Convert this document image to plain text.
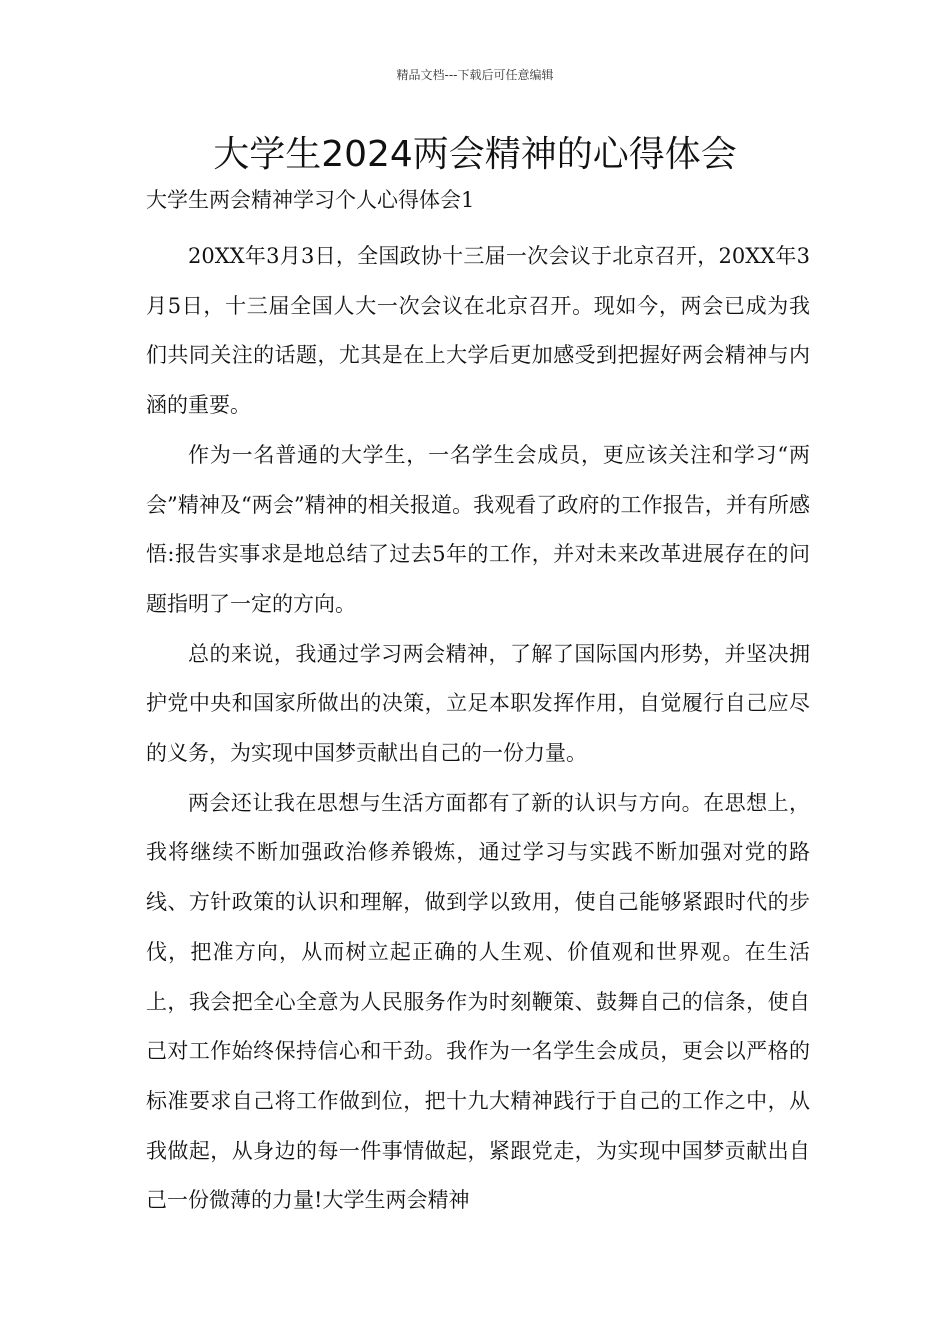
精品文档---下载后可任意编辑
大学生2024两会精神的心得体会
大学生两会精神学习个人心得体会1

20XX年3月3日，全国政协十三届一次会议于北京召开，20XX年3月5日，十三届全国人大一次会议在北京召开。现如今，两会已成为我们共同关注的话题，尤其是在上大学后更加感受到把握好两会精神与内涵的重要。

作为一名普通的大学生，一名学生会成员，更应该关注和学习“两会”精神及“两会”精神的相关报道。我观看了政府的工作报告，并有所感悟:报告实事求是地总结了过去5年的工作，并对未来改革进展存在的问题指明了一定的方向。

总的来说，我通过学习两会精神，了解了国际国内形势，并坚决拥护党中央和国家所做出的决策，立足本职发挥作用，自觉履行自己应尽的义务，为实现中国梦贡献出自己的一份力量。

两会还让我在思想与生活方面都有了新的认识与方向。在思想上，我将继续不断加强政治修养锻炼，通过学习与实践不断加强对党的路线、方针政策的认识和理解，做到学以致用，使自己能够紧跟时代的步伐，把准方向，从而树立起正确的人生观、价值观和世界观。在生活上，我会把全心全意为人民服务作为时刻鞭策、鼓舞自己的信条，使自己对工作始终保持信心和干劲。我作为一名学生会成员，更会以严格的标准要求自己将工作做到位，把十九大精神践行于自己的工作之中，从我做起，从身边的每一件事情做起，紧跟党走，为实现中国梦贡献出自己一份微薄的力量!大学生两会精神
